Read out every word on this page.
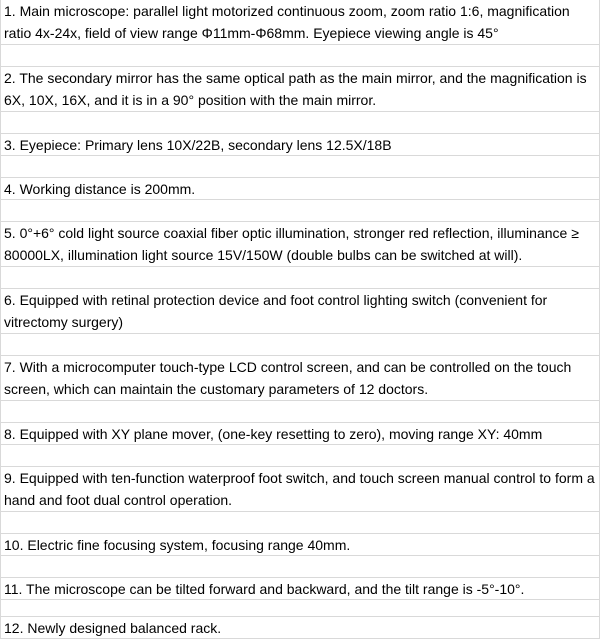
1. Main microscope: parallel light motorized continuous zoom, zoom ratio 1:6, magnification ratio 4x-24x, field of view range Φ11mm-Φ68mm. Eyepiece viewing angle is 45°

2. The secondary mirror has the same optical path as the main mirror, and the magnification is 6X, 10X, 16X, and it is in a 90° position with the main mirror.

3. Eyepiece: Primary lens 10X/22B, secondary lens 12.5X/18B

4. Working distance is 200mm.

5. 0°+6° cold light source coaxial fiber optic illumination, stronger red reflection, illuminance ≥ 80000LX, illumination light source 15V/150W (double bulbs can be switched at will).

6. Equipped with retinal protection device and foot control lighting switch (convenient for vitrectomy surgery)

7. With a microcomputer touch-type LCD control screen, and can be controlled on the touch screen, which can maintain the customary parameters of 12 doctors.

8. Equipped with XY plane mover, (one-key resetting to zero), moving range XY: 40mm

9. Equipped with ten-function waterproof foot switch, and touch screen manual control to form a hand and foot dual control operation.

10. Electric fine focusing system, focusing range 40mm.

11. The microscope can be tilted forward and backward, and the tilt range is -5°-10°.

12. Newly designed balanced rack.
